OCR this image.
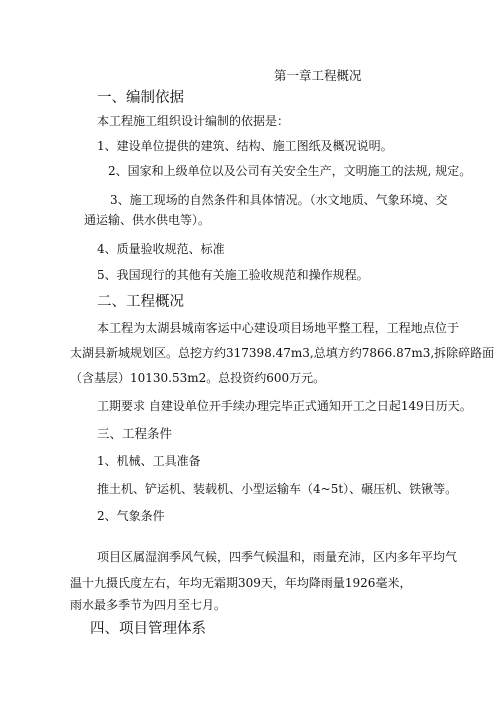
第一章工程概况
一、编制依据
本工程施工组织设计编制的依据是：
1、建设单位提供的建筑、结构、施工图纸及概况说明。
2、国家和上级单位以及公司有关安全生产，文明施工的法规, 规定。
3、施工现场的自然条件和具体情况。（水文地质、气象环境、交
通运输、供水供电等）。
4、质量验收规范、标准
5、我国现行的其他有关施工验收规范和操作规程。
二、工程概况
本工程为太湖县城南客运中心建设项目场地平整工程，工程地点位于
太湖县新城规划区。总挖方约317398.47m3,总填方约7866.87m3,拆除碎路面
（含基层）10130.53m2。总投资约600万元。
工期要求 自建设单位开手续办理完毕正式通知开工之日起149日历天。
三、工程条件
1、机械、工具准备
推土机、铲运机、装载机、小型运输车（4~5t）、碾压机、铁锹等。
2、气象条件
项目区属湿润季风气候，四季气候温和，雨量充沛，区内多年平均气
温十九摄氏度左右，年均无霜期309天，年均降雨量1926毫米，
雨水最多季节为四月至七月。
四、项目管理体系
